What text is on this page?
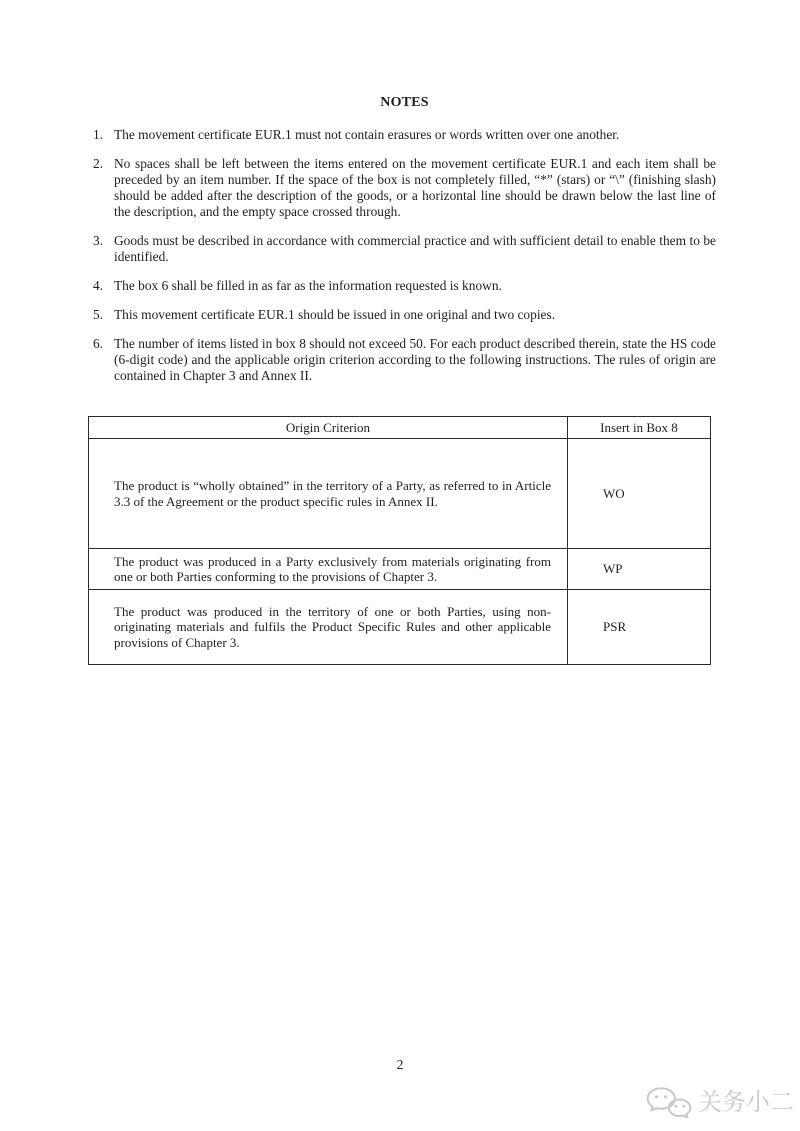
NOTES
1. The movement certificate EUR.1 must not contain erasures or words written over one another.
2. No spaces shall be left between the items entered on the movement certificate EUR.1 and each item shall be preceded by an item number. If the space of the box is not completely filled, “*” (stars) or “\” (finishing slash) should be added after the description of the goods, or a horizontal line should be drawn below the last line of the description, and the empty space crossed through.
3. Goods must be described in accordance with commercial practice and with sufficient detail to enable them to be identified.
4. The box 6 shall be filled in as far as the information requested is known.
5. This movement certificate EUR.1 should be issued in one original and two copies.
6. The number of items listed in box 8 should not exceed 50. For each product described therein, state the HS code (6-digit code) and the applicable origin criterion according to the following instructions. The rules of origin are contained in Chapter 3 and Annex II.
Origin Criterion	Insert in Box 8
The product is “wholly obtained” in the territory of a Party, as referred to in Article 3.3 of the Agreement or the product specific rules in Annex II.	WO
The product was produced in a Party exclusively from materials originating from one or both Parties conforming to the provisions of Chapter 3.	WP
The product was produced in the territory of one or both Parties, using non-originating materials and fulfils the Product Specific Rules and other applicable provisions of Chapter 3.	PSR
2
关务小二
